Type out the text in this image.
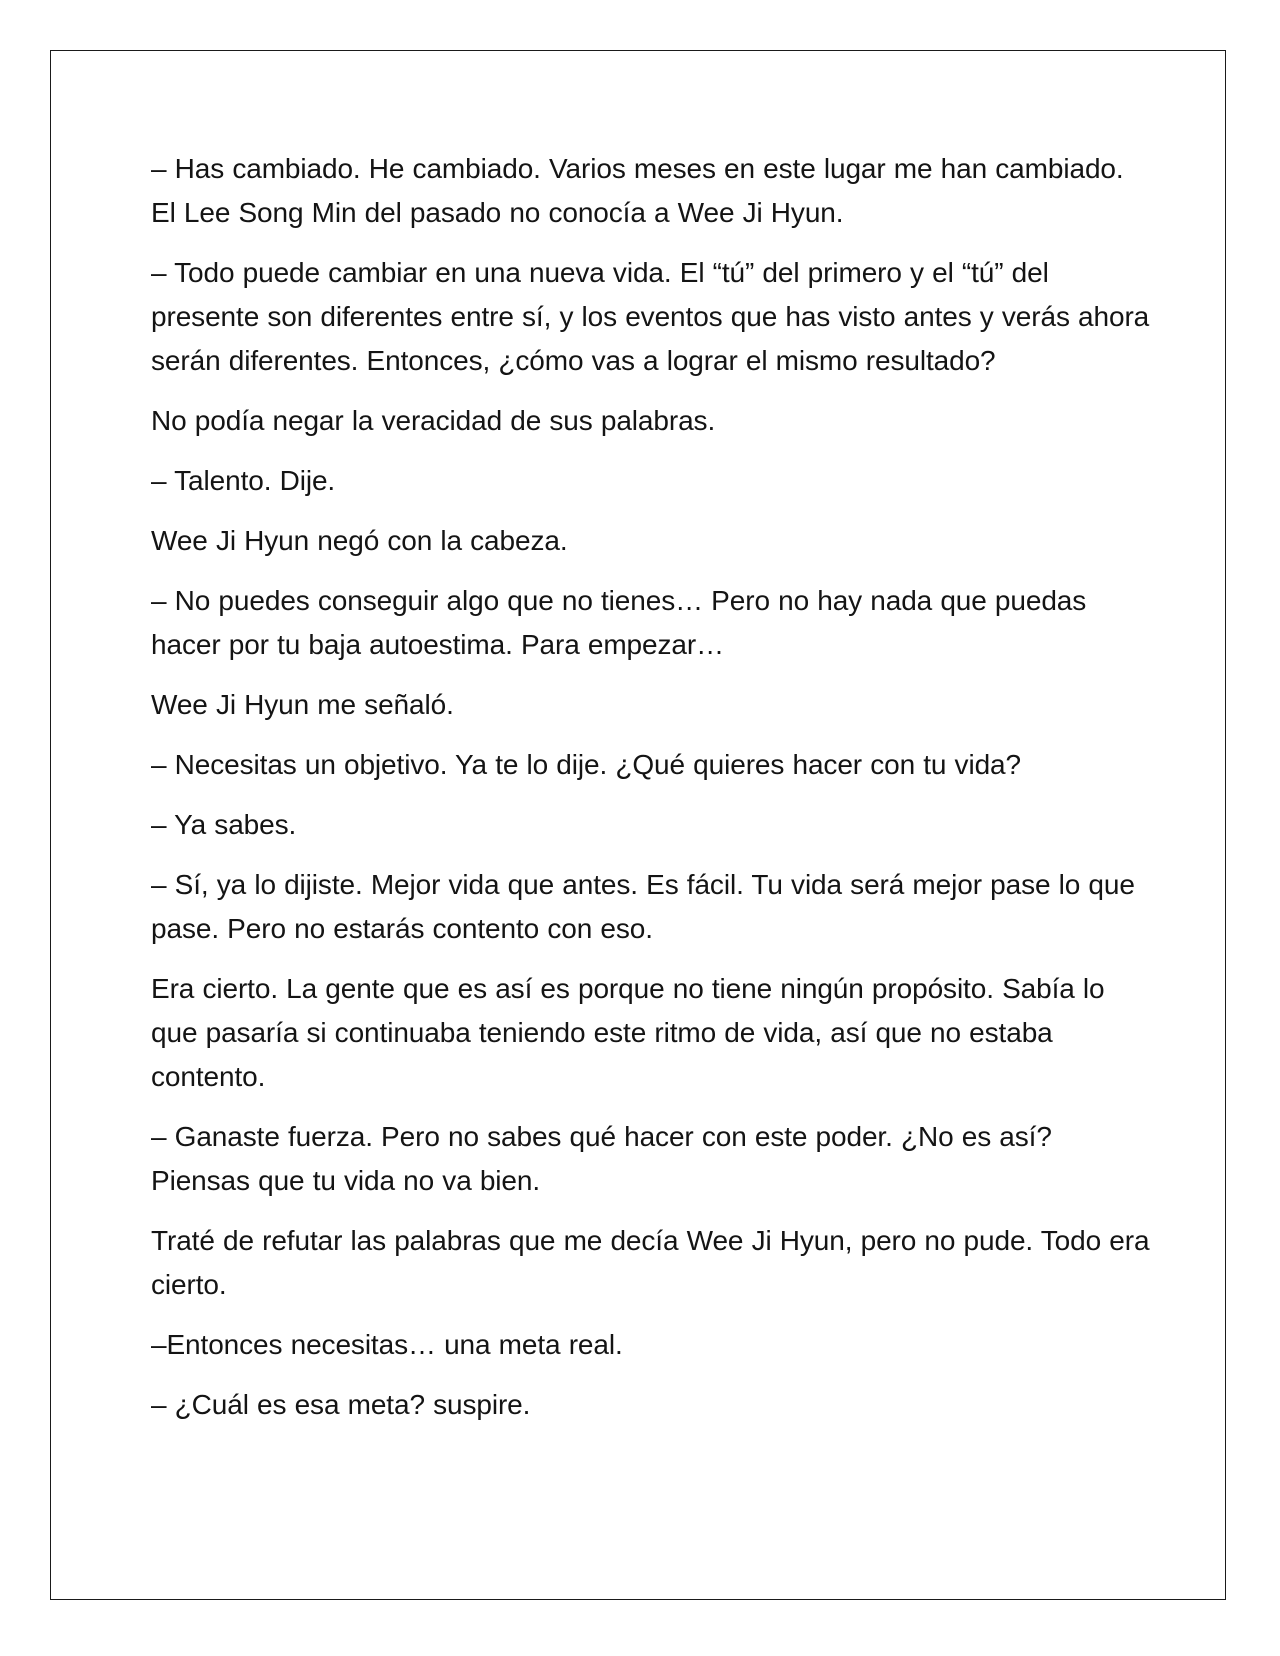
– Has cambiado. He cambiado. Varios meses en este lugar me han cambiado. El Lee Song Min del pasado no conocía a Wee Ji Hyun.

– Todo puede cambiar en una nueva vida. El “tú” del primero y el “tú” del presente son diferentes entre sí, y los eventos que has visto antes y verás ahora serán diferentes. Entonces, ¿cómo vas a lograr el mismo resultado?

No podía negar la veracidad de sus palabras.

– Talento. Dije.

Wee Ji Hyun negó con la cabeza.

– No puedes conseguir algo que no tienes… Pero no hay nada que puedas hacer por tu baja autoestima. Para empezar…

Wee Ji Hyun me señaló.

– Necesitas un objetivo. Ya te lo dije. ¿Qué quieres hacer con tu vida?

– Ya sabes.

– Sí, ya lo dijiste. Mejor vida que antes. Es fácil. Tu vida será mejor pase lo que pase. Pero no estarás contento con eso.

Era cierto. La gente que es así es porque no tiene ningún propósito. Sabía lo que pasaría si continuaba teniendo este ritmo de vida, así que no estaba contento.

– Ganaste fuerza. Pero no sabes qué hacer con este poder. ¿No es así? Piensas que tu vida no va bien.

Traté de refutar las palabras que me decía Wee Ji Hyun, pero no pude. Todo era cierto.

–Entonces necesitas… una meta real.

– ¿Cuál es esa meta? suspire.
